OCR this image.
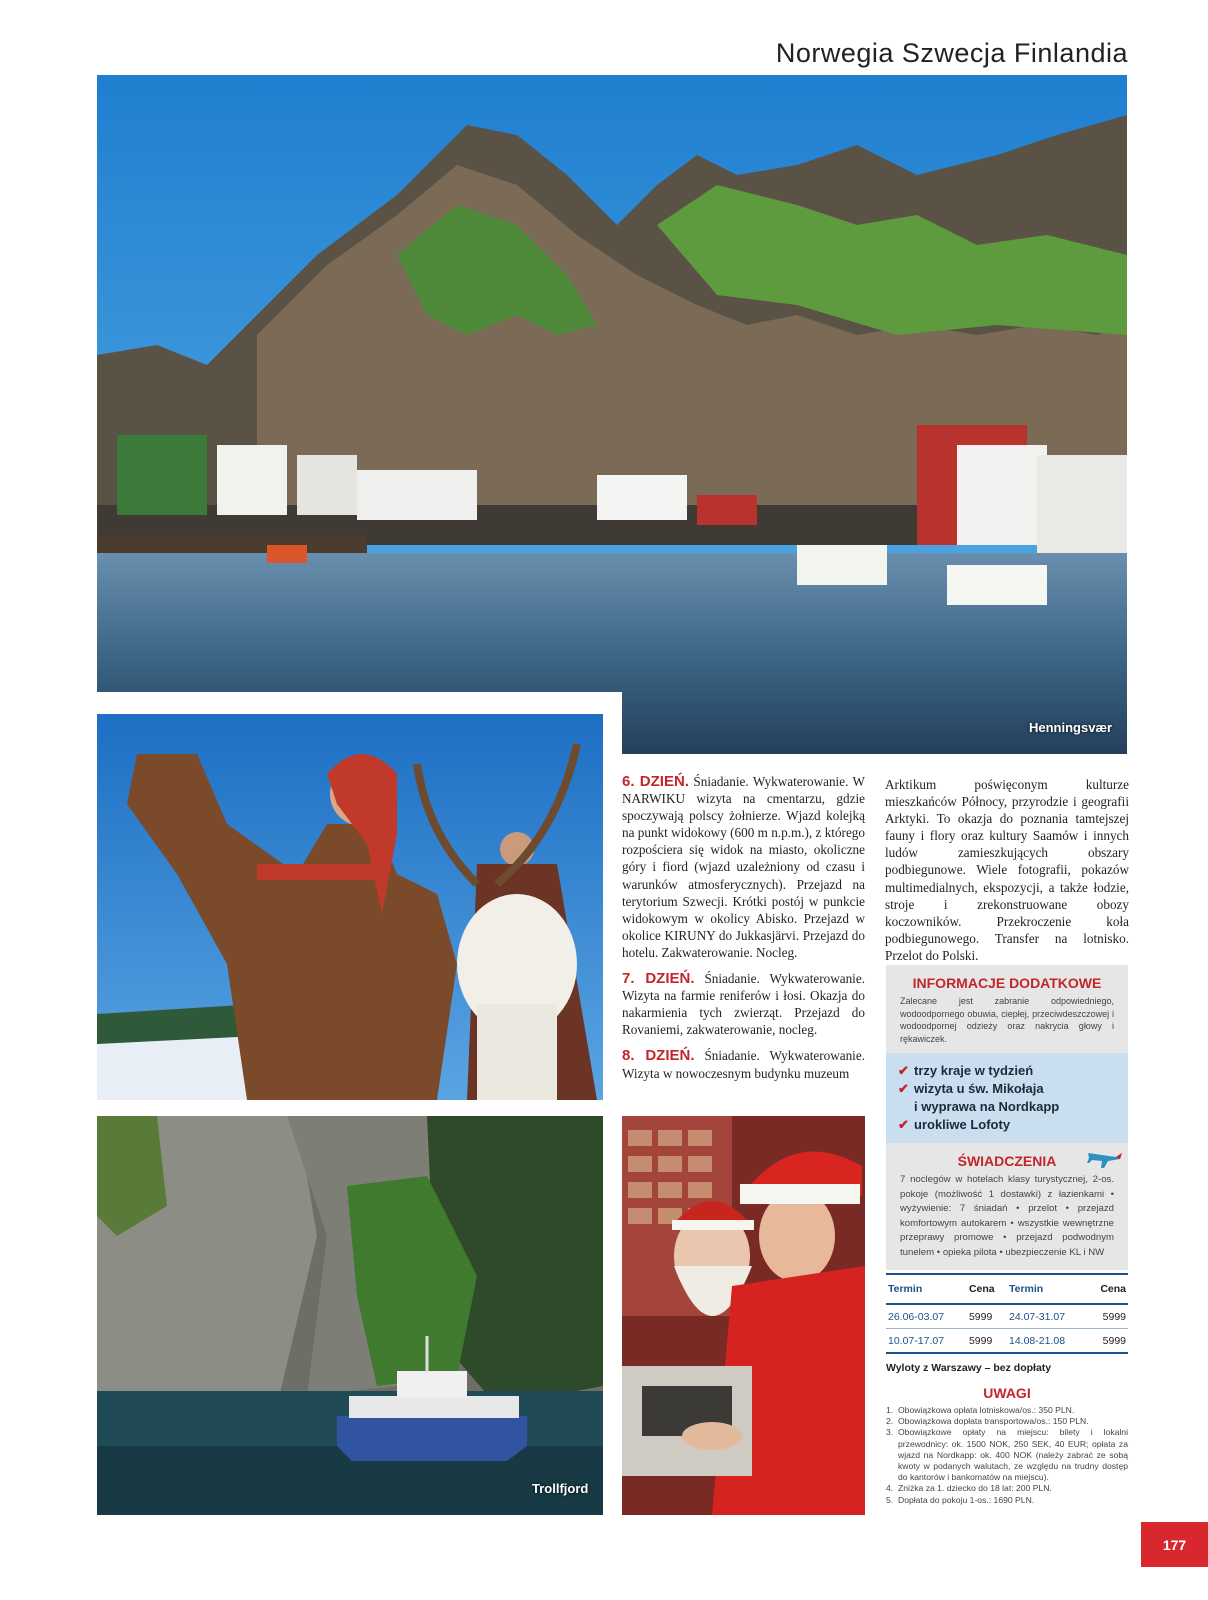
Norwegia Szwecja Finlandia
Henningsvær
Trollfjord

6. DZIEŃ. Śniadanie. Wykwaterowanie. W NARWIKU wizyta na cmentarzu, gdzie spoczywają polscy żołnierze. Wjazd kolejką na punkt widokowy (600 m n.p.m.), z którego rozpościera się widok na miasto, okoliczne góry i fiord (wjazd uzależniony od czasu i warunków atmosferycznych). Przejazd na terytorium Szwecji. Krótki postój w punkcie widokowym w okolicy Abisko. Przejazd w okolice KIRUNY do Jukkasjärvi. Przejazd do hotelu. Zakwaterowanie. Nocleg.

7. DZIEŃ. Śniadanie. Wykwaterowanie. Wizyta na farmie reniferów i łosi. Okazja do nakarmienia tych zwierząt. Przejazd do Rovaniemi, zakwaterowanie, nocleg.

8. DZIEŃ. Śniadanie. Wykwaterowanie. Wizyta w nowoczesnym budynku muzeum

Arktikum poświęconym kulturze mieszkańców Północy, przyrodzie i geografii Arktyki. To okazja do poznania tamtejszej fauny i flory oraz kultury Saamów i innych ludów zamieszkujących obszary podbiegunowe. Wiele fotografii, pokazów multimedialnych, ekspozycji, a także łodzie, stroje i zrekonstruowane obozy koczowników. Przekroczenie koła podbiegunowego. Transfer na lotnisko. Przelot do Polski.

INFORMACJE DODATKOWE
Zalecane jest zabranie odpowiedniego, wodoodpornego obuwia, ciepłej, przeciwdeszczowej i wodoodpornej odzieży oraz nakrycia głowy i rękawiczek.
✔ trzy kraje w tydzień
✔ wizyta u św. Mikołaja
i wyprawa na Nordkapp
✔ urokliwe Lofoty
ŚWIADCZENIA
7 noclegów w hotelach klasy turystycznej, 2-os. pokoje (możliwość 1 dostawki) z łazienkami • wyżywienie: 7 śniadań • przelot • przejazd komfortowym autokarem • wszystkie wewnętrzne przeprawy promowe • przejazd podwodnym tunelem • opieka pilota • ubezpieczenie KL i NW
Termin	Cena	Termin	Cena
26.06-03.07	5999	24.07-31.07	5999
10.07-17.07	5999	14.08-21.08	5999
Wyloty z Warszawy – bez dopłaty
UWAGI
1. Obowiązkowa opłata lotniskowa/os.: 350 PLN.
2. Obowiązkowa dopłata transportowa/os.: 150 PLN.
3. Obowiązkowe opłaty na miejscu: bilety i lokalni przewodnicy: ok. 1500 NOK, 250 SEK, 40 EUR; opłata za wjazd na Nordkapp: ok. 400 NOK (należy zabrać ze sobą kwoty w podanych walutach, ze względu na trudny dostęp do kantorów i bankomatów na miejscu).
4. Zniżka za 1. dziecko do 18 lat: 200 PLN.
5. Dopłata do pokoju 1-os.: 1690 PLN.
177
